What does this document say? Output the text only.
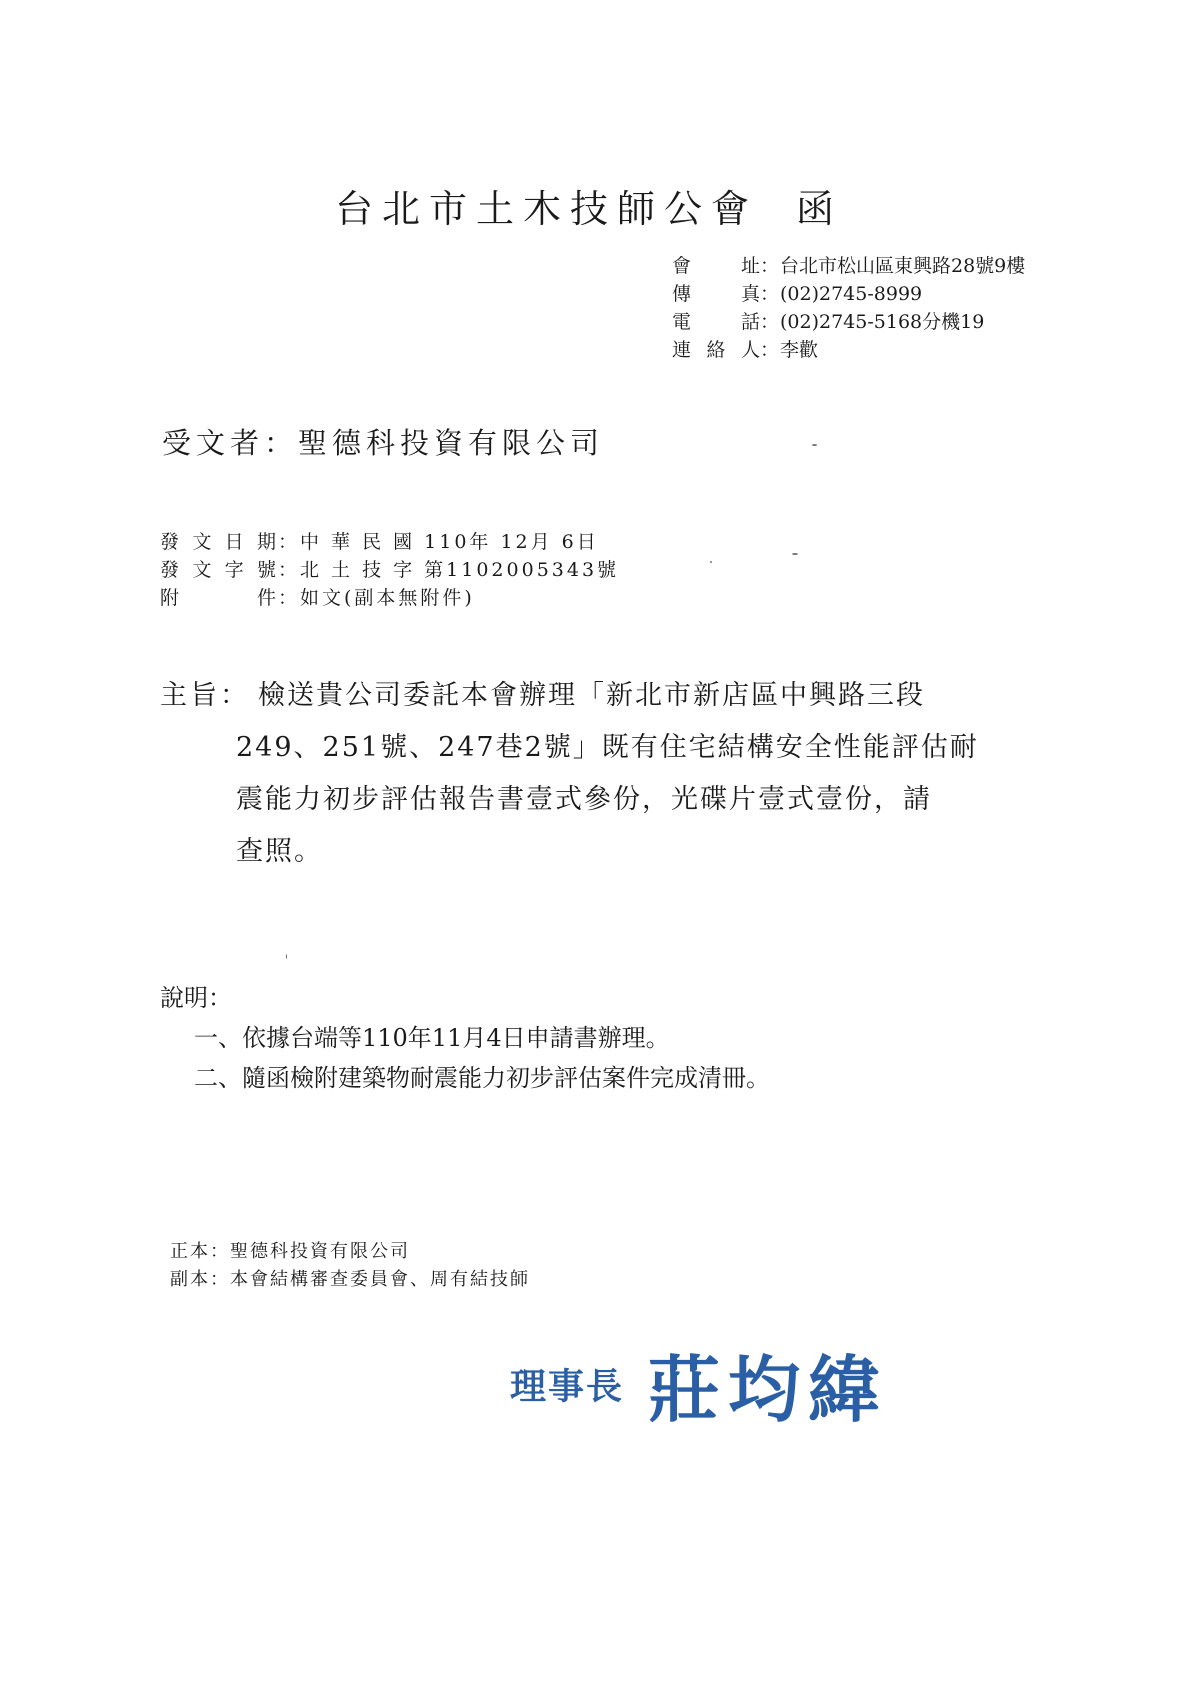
台北市土木技師公會 函
會址 ： 台北市松山區東興路28號9樓
傳真 ： (02)2745-8999
電話 ： (02)2745-5168分機19
連絡人 ： 李歡
受文者：聖德科投資有限公司
發文日期 ： 中 華 民 國 110年 12月 6日
發文字號 ： 北 土 技 字 第1102005343號
附件 ： 如文(副本無附件)
主旨： 檢送貴公司委託本會辦理「新北市新店區中興路三段
249、251號、247巷2號」既有住宅結構安全性能評估耐
震能力初步評估報告書壹式參份，光碟片壹式壹份，請
查照。
說明：
一、依據台端等110年11月4日申請書辦理。
二、隨函檢附建築物耐震能力初步評估案件完成清冊。
正本：聖德科投資有限公司
副本：本會結構審查委員會、周有結技師
理事長 莊均緯
